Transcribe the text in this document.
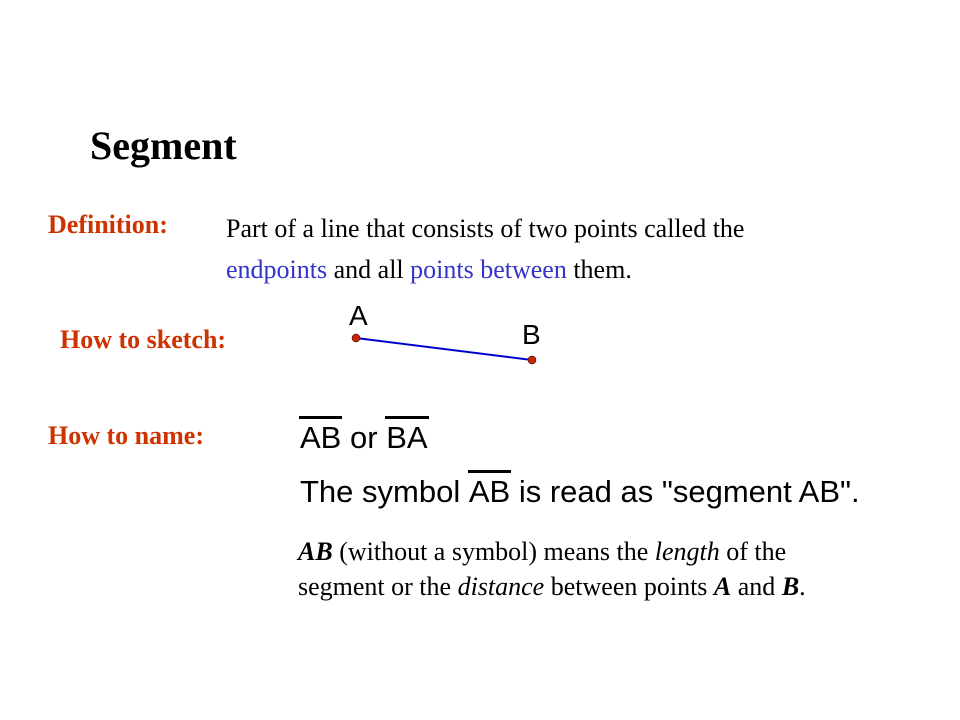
Segment
Definition: Part of a line that consists of two points called the
endpoints and all points between them.
How to sketch:
A
B
How to name:	AB or BA
The symbol AB is read as "segment AB".
AB (without a symbol) means the length of the segment or the distance between points A and B.
